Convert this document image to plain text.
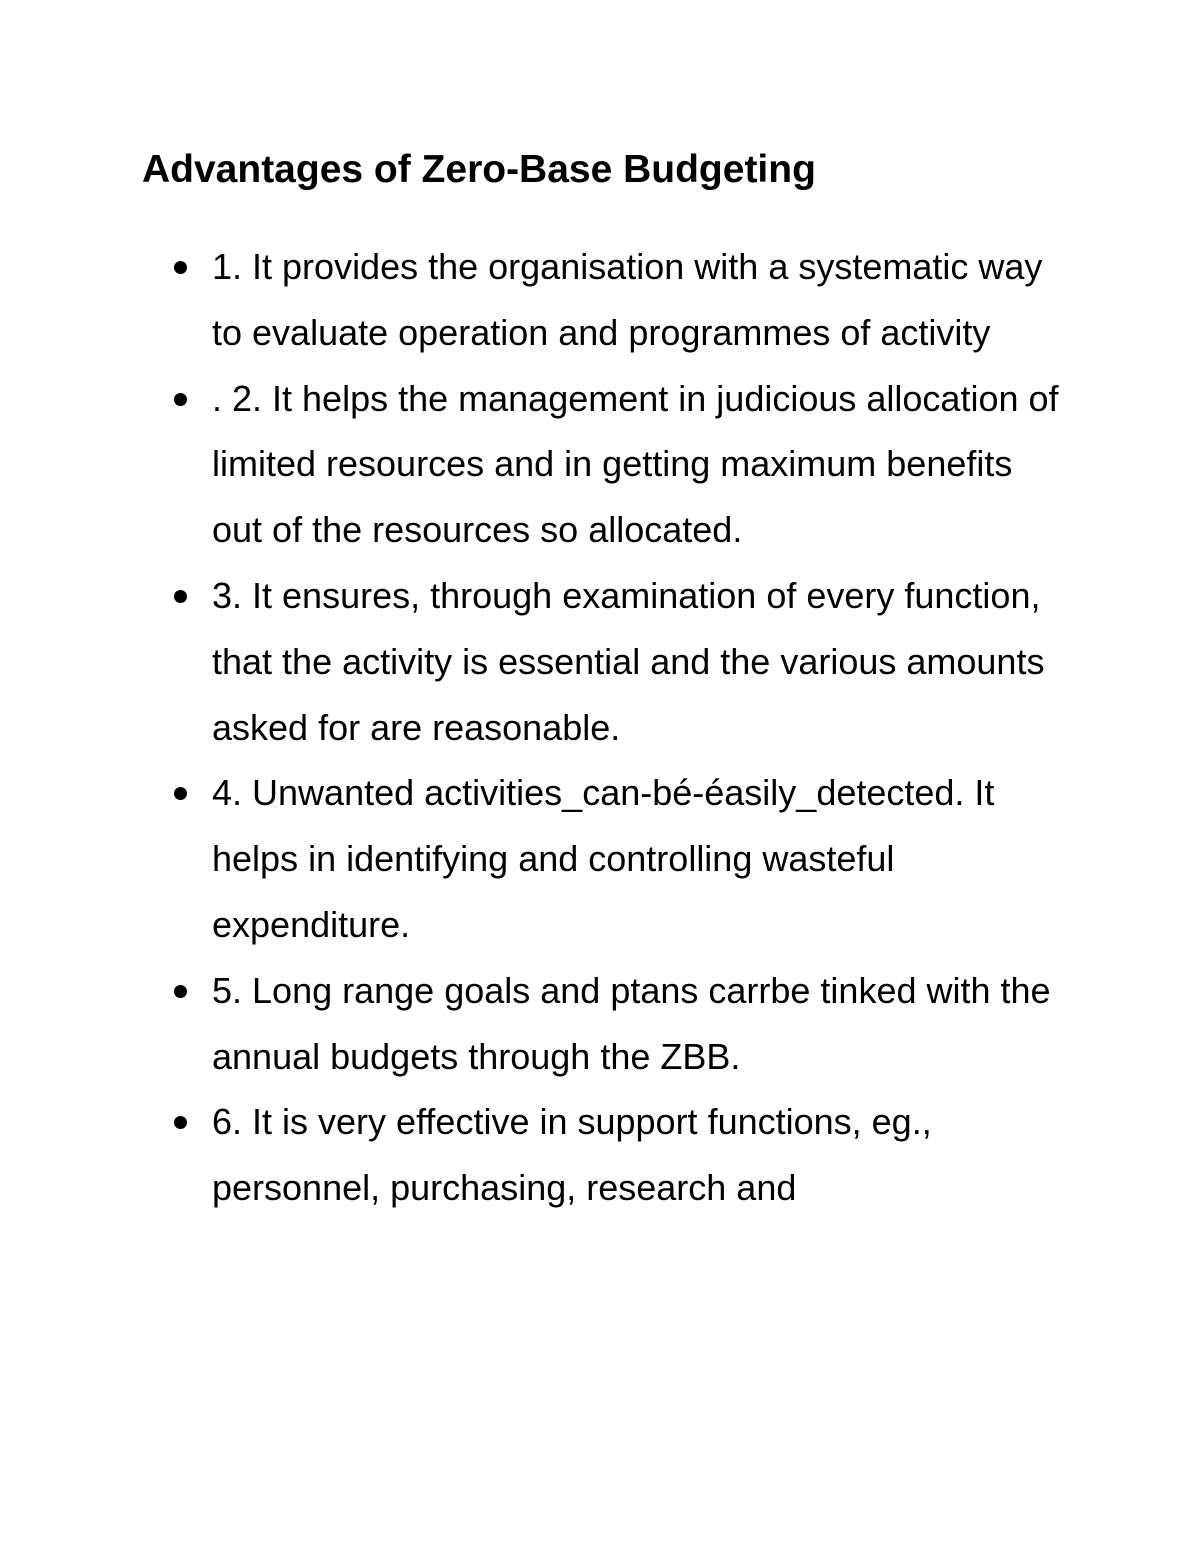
Advantages of Zero-Base Budgeting
1. It provides the organisation with a systematic way to evaluate operation and programmes of activity
. 2. It helps the management in judicious allocation of limited resources and in getting maximum benefits out of the resources so allocated.
3. It ensures, through examination of every function, that the activity is essential and the various amounts asked for are reasonable.
4. Unwanted activities_can-bé-éasily_detected. It helps in identifying and controlling wasteful expenditure.
5. Long range goals and ptans carrbe tinked with the annual budgets through the ZBB.
6. It is very effective in support functions, eg., personnel, purchasing, research and
